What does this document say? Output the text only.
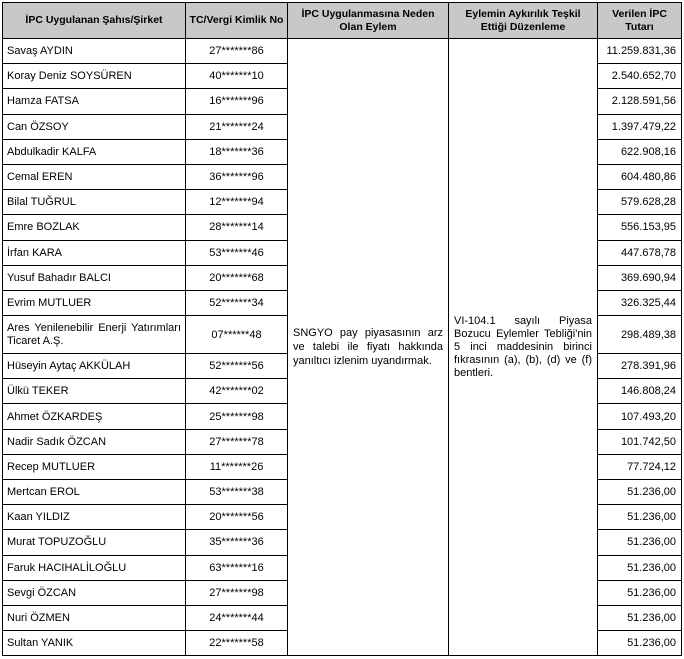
İPC Uygulanan Şahıs/Şirket	TC/Vergi Kimlik No	İPC Uygulanmasına Neden Olan Eylem	Eylemin Aykırılık Teşkil Ettiği Düzenleme	Verilen İPC Tutarı
Savaş AYDIN	27*******86	SNGYO pay piyasasının arz ve talebi ile fiyatı hakkında yanıltıcı izlenim uyandırmak.	VI-104.1 sayılı Piyasa Bozucu Eylemler Tebliği'nin 5 inci maddesinin birinci fıkrasının (a), (b), (d) ve (f) bentleri.	11.259.831,36
Koray Deniz SOYSÜREN	40*******10			2.540.652,70
Hamza FATSA	16*******96			2.128.591,56
Can ÖZSOY	21*******24			1.397.479,22
Abdulkadir KALFA	18*******36			622.908,16
Cemal EREN	36*******96			604.480,86
Bilal TUĞRUL	12*******94			579.628,28
Emre BOZLAK	28*******14			556.153,95
İrfan KARA	53*******46			447.678,78
Yusuf Bahadır BALCI	20*******68			369.690,94
Evrim MUTLUER	52*******34			326.325,44
Ares Yenilenebilir Enerji Yatırımları Ticaret A.Ş.	07******48			298.489,38
Hüseyin Aytaç AKKÜLAH	52*******56			278.391,96
Ülkü TEKER	42*******02			146.808,24
Ahmet ÖZKARDEŞ	25*******98			107.493,20
Nadir Sadık ÖZCAN	27*******78			101.742,50
Recep MUTLUER	11*******26			77.724,12
Mertcan EROL	53*******38			51.236,00
Kaan YILDIZ	20*******56			51.236,00
Murat TOPUZOĞLU	35*******36			51.236,00
Faruk HACIHALİLOĞLU	63*******16			51.236,00
Sevgi ÖZCAN	27*******98			51.236,00
Nuri ÖZMEN	24*******44			51.236,00
Sultan YANIK	22*******58			51.236,00
